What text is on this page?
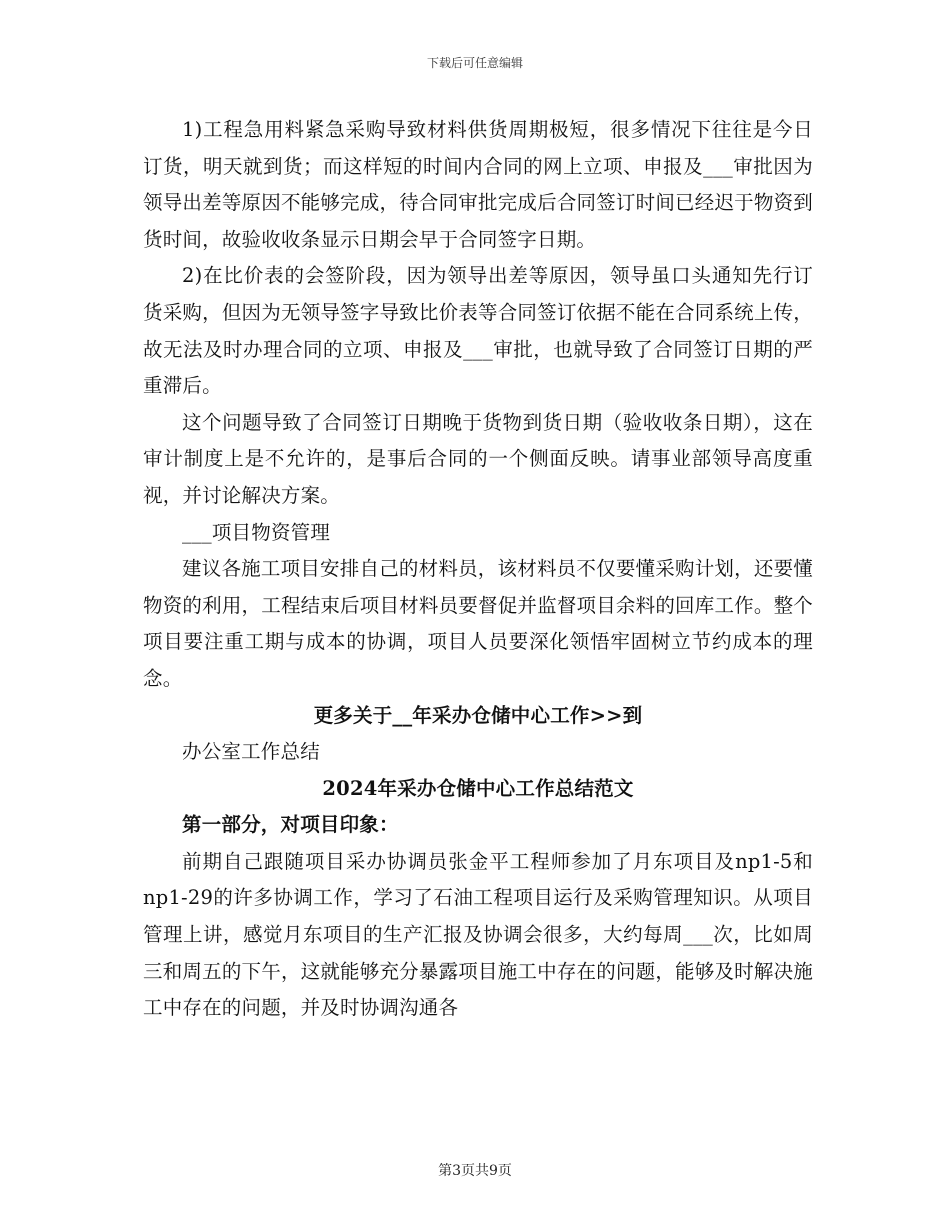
下载后可任意编辑

1)工程急用料紧急采购导致材料供货周期极短，很多情况下往往是今日订货，明天就到货；而这样短的时间内合同的网上立项、申报及___审批因为领导出差等原因不能够完成，待合同审批完成后合同签订时间已经迟于物资到货时间，故验收收条显示日期会早于合同签字日期。

2)在比价表的会签阶段，因为领导出差等原因，领导虽口头通知先行订货采购，但因为无领导签字导致比价表等合同签订依据不能在合同系统上传，故无法及时办理合同的立项、申报及___审批，也就导致了合同签订日期的严重滞后。

这个问题导致了合同签订日期晚于货物到货日期（验收收条日期），这在审计制度上是不允许的，是事后合同的一个侧面反映。请事业部领导高度重视，并讨论解决方案。

___项目物资管理

建议各施工项目安排自己的材料员，该材料员不仅要懂采购计划，还要懂物资的利用，工程结束后项目材料员要督促并监督项目余料的回库工作。整个项目要注重工期与成本的协调，项目人员要深化领悟牢固树立节约成本的理念。

更多关于__年采办仓储中心工作>>到

办公室工作总结

2024年采办仓储中心工作总结范文

第一部分，对项目印象：

前期自己跟随项目采办协调员张金平工程师参加了月东项目及np1-5和np1-29的许多协调工作，学习了石油工程项目运行及采购管理知识。从项目管理上讲，感觉月东项目的生产汇报及协调会很多，大约每周___次，比如周三和周五的下午，这就能够充分暴露项目施工中存在的问题，能够及时解决施工中存在的问题，并及时协调沟通各

第3页共9页
